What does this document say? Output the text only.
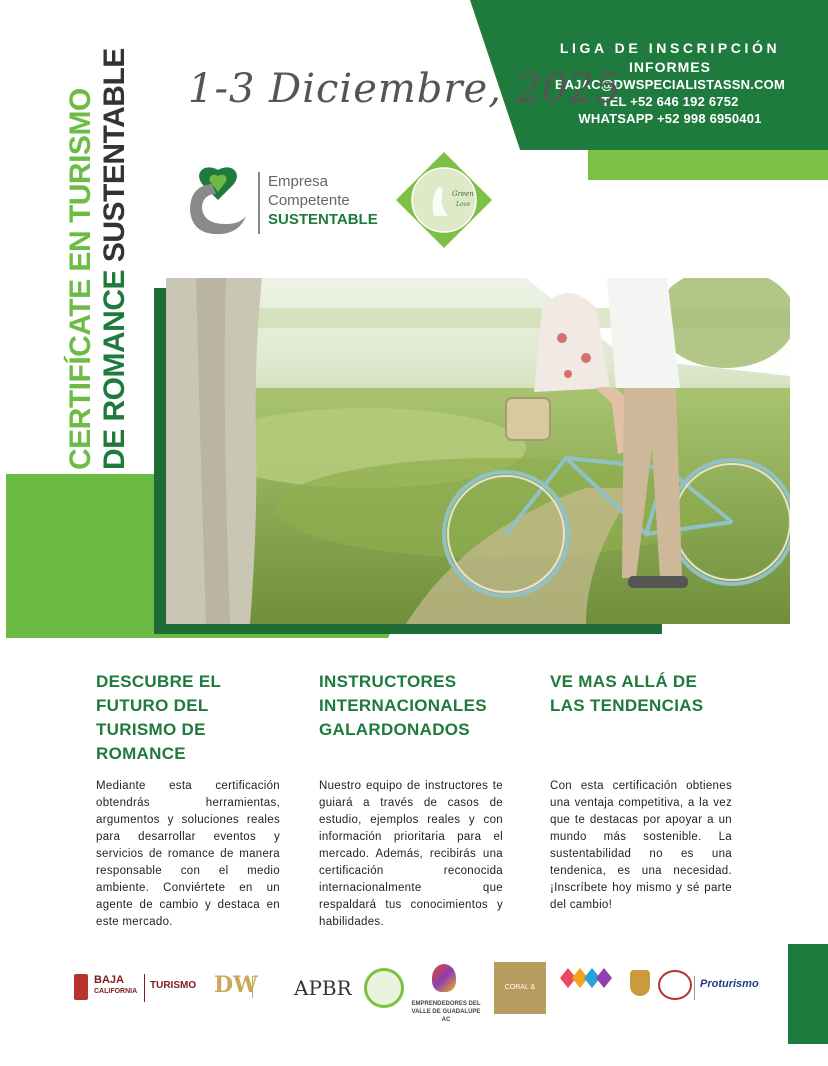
LIGA DE INSCRIPCIÓN
INFORMES
BAJAC@DWSPECIALISTASSN.COM
TEL +52 646 192 6752
WHATSAPP +52 998 6950401
1-3 Diciembre, 2025
CERTIFÍCATE EN TURISMO DE ROMANCE SUSTENTABLE	Empresa
Competente
SUSTENTABLE
Green
Love
DESCUBRE EL FUTURO DEL TURISMO DE ROMANCE

Mediante esta certificación obtendrás herramientas, argumentos y soluciones reales para desarrollar eventos y servicios de romance de manera responsable con el medio ambiente. Conviértete en un agente de cambio y destaca en este mercado.

INSTRUCTORES INTERNACIONALES GALARDONADOS

Nuestro equipo de instructores te guiará a través de casos de estudio, ejemplos reales y con información prioritaria para el mercado. Además, recibirás una certificación reconocida internacionalmente que respaldará tus conocimientos y habilidades.

VE MAS ALLÁ DE LAS TENDENCIAS

Con esta certificación obtienes una ventaja competitiva, a la vez que te destacas por apoyar a un mundo más sostenible. La sustentabilidad no es una tendenica, es una necesidad. ¡Inscríbete hoy mismo y sé parte del cambio!

BAJA
CALIFORNIA
TURISMO DW APBR
EMPRENDEDORES DEL
VALLE DE GUADALUPE AC
CORAL & MARINA
Proturismo
